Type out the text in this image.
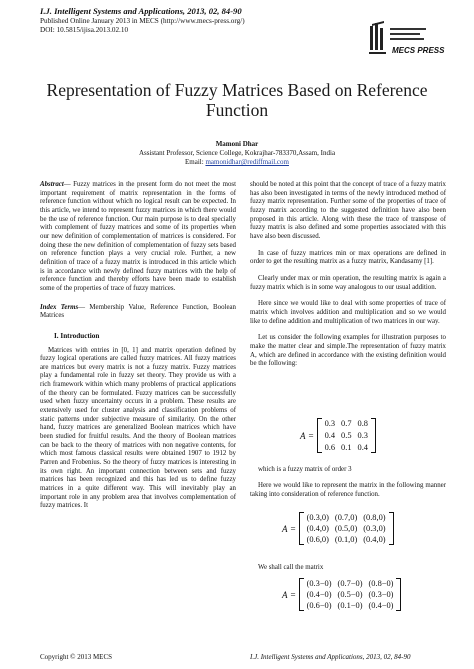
I.J. Intelligent Systems and Applications, 2013, 02, 84-90
Published Online January 2013 in MECS (http://www.mecs-press.org/)
DOI: 10.5815/ijisa.2013.02.10
MECS PRESS
Representation of Fuzzy Matrices Based on Reference Function
Mamoni Dhar
Assistant Professor, Science College, Kokrajhar-783370,Assam, India
Email: mamonidhar@rediffmail.com

Abstract— Fuzzy matrices in the present form do not meet the most important requirement of matrix representation in the forms of reference function without which no logical result can be expected. In this article, we intend to represent fuzzy matrices in which there would be the use of reference function. Our main purpose is to deal specially with complement of fuzzy matrices and some of its properties when our new definition of complementation of matrices is considered. For doing these the new definition of complementation of fuzzy sets based on reference function plays a very crucial role. Further, a new definition of trace of a fuzzy matrix is introduced in this article which is in accordance with newly defined fuzzy matrices with the help of reference function and thereby efforts have been made to establish some of the properties of trace of fuzzy matrices.

Index Terms— Membership Value, Reference Function, Boolean Matrices

I. Introduction

Matrices with entries in [0, 1] and matrix operation defined by fuzzy logical operations are called fuzzy matrices. All fuzzy matrices are matrices but every matrix is not a fuzzy matrix. Fuzzy matrices play a fundamental role in fuzzy set theory. They provide us with a rich framework within which many problems of practical applications of the theory can be formulated. Fuzzy matrices can be successfully used when fuzzy uncertainty occurs in a problem. These results are extensively used for cluster analysis and classification problems of static patterns under subjective measure of similarity. On the other hand, fuzzy matrices are generalized Boolean matrices which have been studied for fruitful results. And the theory of Boolean matrices can be back to the theory of matrices with non negative contents, for which most famous classical results were obtained 1907 to 1912 by Parren and Frobenius. So the theory of fuzzy matrices is interesting in its own right. An important connection between sets and fuzzy matrices has been recognized and this has led us to define fuzzy matrices in a quite different way. This will inevitably play an important role in any problem area that involves complementation of fuzzy matrices. It

should be noted at this point that the concept of trace of a fuzzy matrix has also been investigated in terms of the newly introduced method of fuzzy matrix representation. Further some of the properties of trace of fuzzy matrix according to the suggested definition have also been proposed in this article. Along with these the trace of transpose of fuzzy matrix is also defined and some properties associated with this have also been discussed.

In case of fuzzy matrices min or max operations are defined in order to get the resulting matrix as a fuzzy matrix, Kandasamy [1].

Clearly under max or min operation, the resulting matrix is again a fuzzy matrix which is in some way analogous to our usual addition.

Here since we would like to deal with some properties of trace of matrix which involves addition and multiplication and so we would like to define addition and multiplication of two matrices in our way.

Let us consider the following examples for illustration purposes to make the matter clear and simple.The representation of fuzzy matrix A, which are defined in accordance with the existing definition would be the following:

A =
0.3 0.7 0.8
0.4 0.5 0.3
0.6 0.1 0.4
which is a fuzzy matrix of order 3

Here we would like to represent the matrix in the following manner taking into consideration of reference function.

A =
(0.3,0) (0.7,0) (0.8,0)
(0.4,0) (0.5,0) (0.3,0)
(0.6,0) (0.1,0) (0.4,0)
We shall call the matrix
A =
(0.3−0) (0.7−0) (0.8−0)
(0.4−0) (0.5−0) (0.3−0)
(0.6−0) (0.1−0) (0.4−0)
Copyright © 2013 MECS	I.J. Intelligent Systems and Applications, 2013, 02, 84-90
